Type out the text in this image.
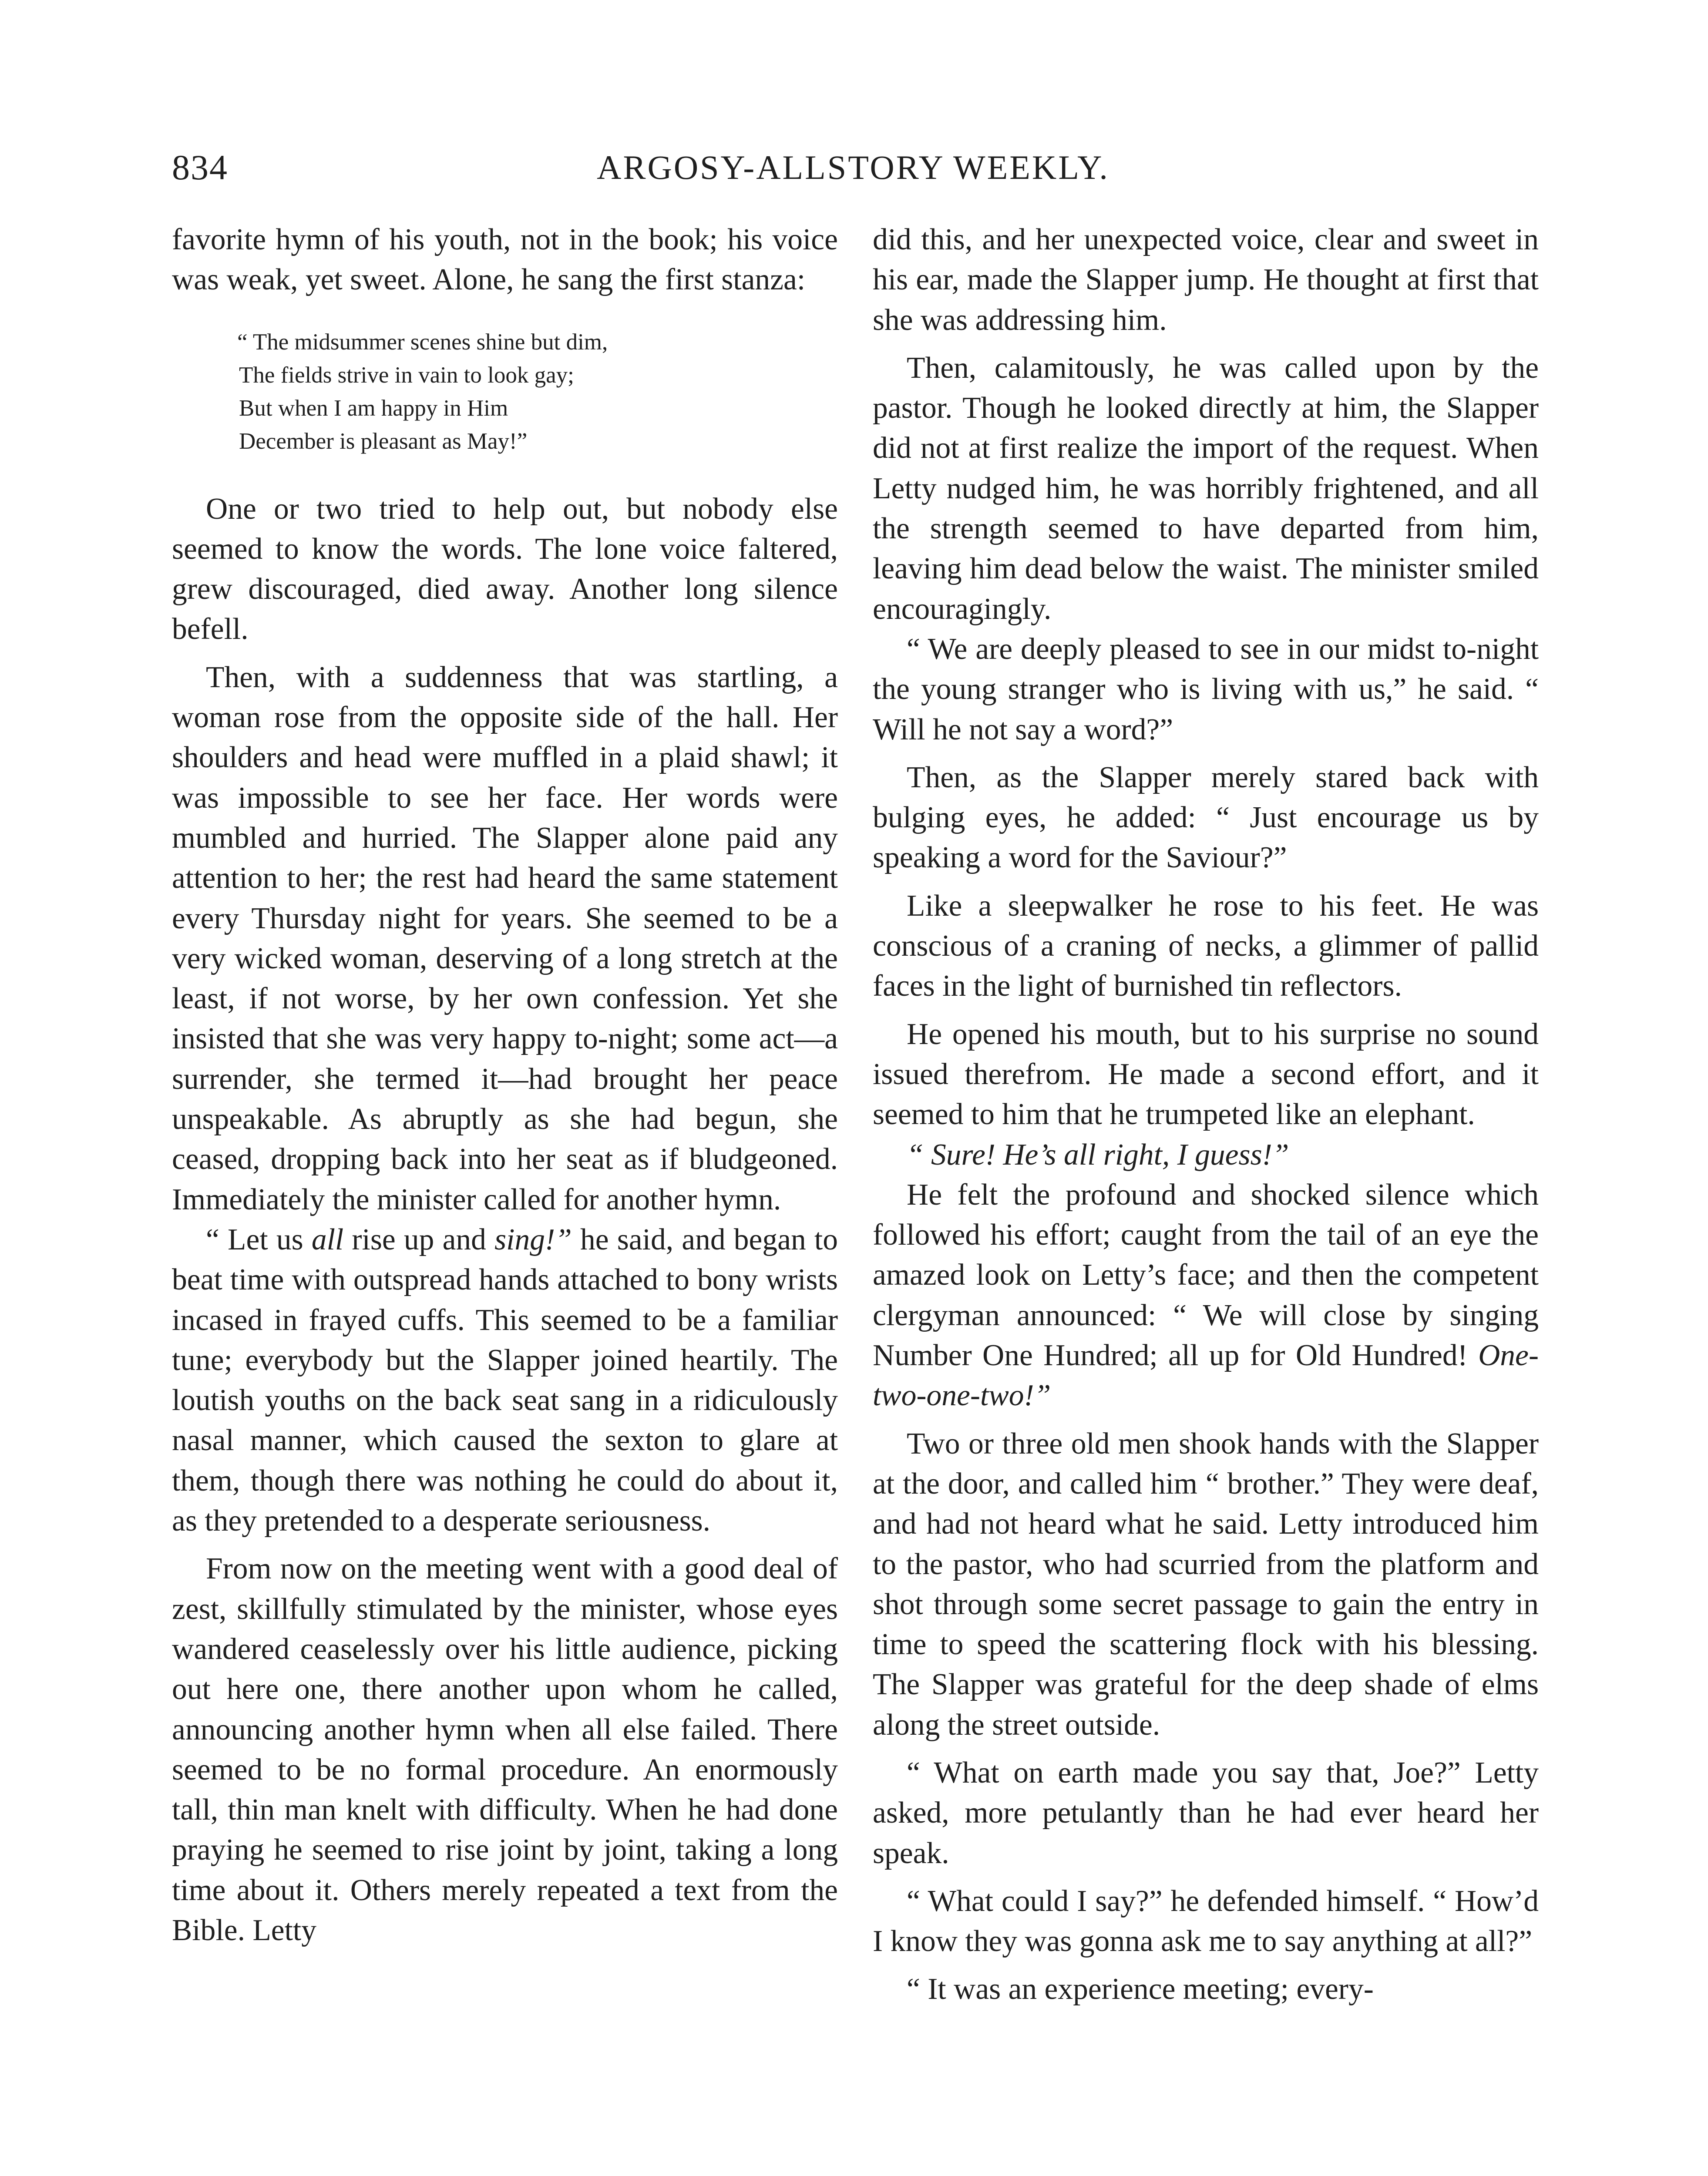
834	ARGOSY-ALLSTORY WEEKLY.

favorite hymn of his youth, not in the book; his voice was weak, yet sweet. Alone, he sang the first stanza:

“ The midsummer scenes shine but dim,
The fields strive in vain to look gay;
But when I am happy in Him
December is pleasant as May!”

One or two tried to help out, but nobody else seemed to know the words. The lone voice faltered, grew discouraged, died away. Another long silence befell.

Then, with a suddenness that was startling, a woman rose from the opposite side of the hall. Her shoulders and head were muffled in a plaid shawl; it was impossible to see her face. Her words were mumbled and hurried. The Slapper alone paid any attention to her; the rest had heard the same statement every Thursday night for years. She seemed to be a very wicked woman, deserving of a long stretch at the least, if not worse, by her own confession. Yet she insisted that she was very happy to-night; some act—a surrender, she termed it—had brought her peace unspeakable. As abruptly as she had begun, she ceased, dropping back into her seat as if bludgeoned. Immediately the minister called for another hymn.

“ Let us all rise up and sing!” he said, and began to beat time with outspread hands attached to bony wrists incased in frayed cuffs. This seemed to be a familiar tune; everybody but the Slapper joined heartily. The loutish youths on the back seat sang in a ridiculously nasal manner, which caused the sexton to glare at them, though there was nothing he could do about it, as they pretended to a desperate seriousness.

From now on the meeting went with a good deal of zest, skillfully stimulated by the minister, whose eyes wandered ceaselessly over his little audience, picking out here one, there another upon whom he called, announcing another hymn when all else failed. There seemed to be no formal procedure. An enormously tall, thin man knelt with difficulty. When he had done praying he seemed to rise joint by joint, taking a long time about it. Others merely repeated a text from the Bible. Letty

did this, and her unexpected voice, clear and sweet in his ear, made the Slapper jump. He thought at first that she was addressing him.

Then, calamitously, he was called upon by the pastor. Though he looked directly at him, the Slapper did not at first realize the import of the request. When Letty nudged him, he was horribly frightened, and all the strength seemed to have departed from him, leaving him dead below the waist. The minister smiled encouragingly.

“ We are deeply pleased to see in our midst to-night the young stranger who is living with us,” he said. “ Will he not say a word?”

Then, as the Slapper merely stared back with bulging eyes, he added: “ Just encourage us by speaking a word for the Saviour?”

Like a sleepwalker he rose to his feet. He was conscious of a craning of necks, a glimmer of pallid faces in the light of burnished tin reflectors.

He opened his mouth, but to his surprise no sound issued therefrom. He made a second effort, and it seemed to him that he trumpeted like an elephant.

“ Sure! He’s all right, I guess!”

He felt the profound and shocked silence which followed his effort; caught from the tail of an eye the amazed look on Letty’s face; and then the competent clergyman announced: “ We will close by singing Number One Hundred; all up for Old Hundred! One-two-one-two!”

Two or three old men shook hands with the Slapper at the door, and called him “ brother.” They were deaf, and had not heard what he said. Letty introduced him to the pastor, who had scurried from the platform and shot through some secret passage to gain the entry in time to speed the scattering flock with his blessing. The Slapper was grateful for the deep shade of elms along the street outside.

“ What on earth made you say that, Joe?” Letty asked, more petulantly than he had ever heard her speak.

“ What could I say?” he defended himself. “ How’d I know they was gonna ask me to say anything at all?”

“ It was an experience meeting; every-
